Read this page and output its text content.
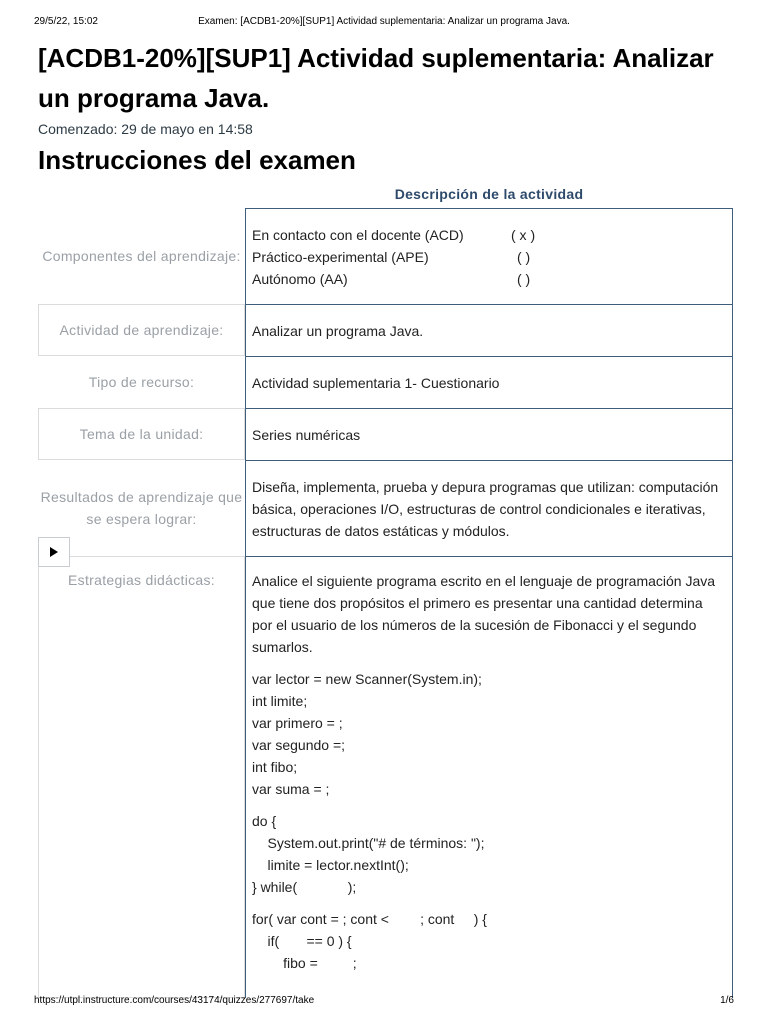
29/5/22, 15:02	Examen: [ACDB1-20%][SUP1] Actividad suplementaria: Analizar un programa Java.
[ACDB1-20%][SUP1] Actividad suplementaria: Analizar un programa Java.
Comenzado: 29 de mayo en 14:58
Instrucciones del examen
Descripción de la actividad
Componentes del aprendizaje:
En contacto con el docente (ACD)	( x )
Práctico-experimental (APE)	( )
Autónomo (AA)	( )
Actividad de aprendizaje:	Analizar un programa Java.
Tipo de recurso:	Actividad suplementaria 1- Cuestionario
Tema de la unidad:	Series numéricas
Resultados de aprendizaje que se espera lograr:
Diseña, implementa, prueba y depura programas que utilizan: computación básica, operaciones I/O, estructuras de control condicionales e iterativas, estructuras de datos estáticas y módulos.
Estrategias didácticas:	Analice el siguiente programa escrito en el lenguaje de programación Java que tiene dos propósitos el primero es presentar una cantidad determina por el usuario de los números de la sucesión de Fibonacci y el segundo sumarlos.
var lector = new Scanner(System.in);
int limite;
var primero = ;
var segundo =;
int fibo;
var suma = ;
do {
System.out.print("# de términos: ");
limite = lector.nextInt();
} while(             );
for( var cont = ; cont <        ; cont     ) {
if(       == 0 ) {
fibo =         ;
https://utpl.instructure.com/courses/43174/quizzes/277697/take	1/6
